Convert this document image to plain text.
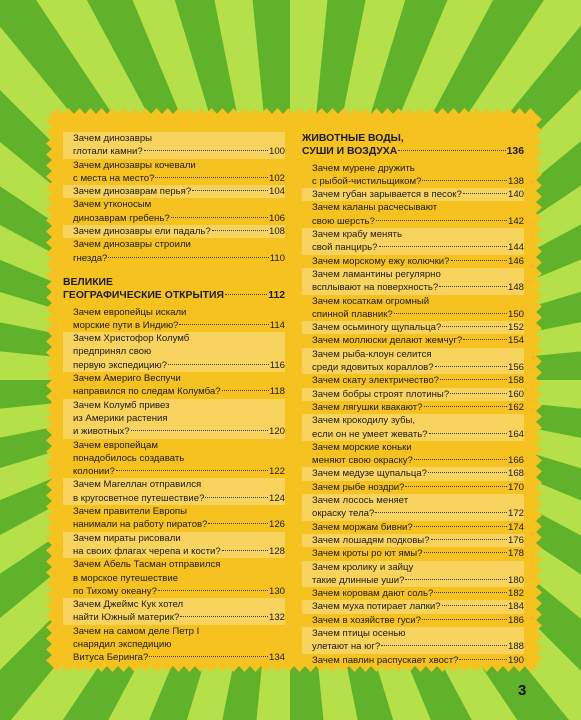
Зачем динозавры
глотали камни?	100
Зачем динозавры кочевали
с места на место?	102
Зачем динозаврам перья?	104
Зачем утконосым
динозаврам гребень?	106
Зачем динозавры ели падаль?	108
Зачем динозавры строили
гнезда?	110
ВЕЛИКИЕ
ГЕОГРАФИЧЕСКИЕ ОТКРЫТИЯ	112
Зачем европейцы искали
морские пути в Индию?	114
Зачем Христофор Колумб
предпринял свою
первую экспедицию?	116
Зачем Америго Веспучи
направился по следам Колумба?	118
Зачем Колумб привез
из Америки растения
и животных?	120
Зачем европейцам
понадобилось создавать
колонии?	122
Зачем Магеллан отправился
в кругосветное путешествие?	124
Зачем правители Европы
нанимали на работу пиратов?	126
Зачем пираты рисовали
на своих флагах черепа и кости?	128
Зачем Абель Тасман отправился
в морское путешествие
по Тихому океану?	130
Зачем Джеймс Кук хотел
найти Южный материк?	132
Зачем на самом деле Петр I
снарядил экспедицию
Витуса Беринга?	134
ЖИВОТНЫЕ ВОДЫ,
СУШИ И ВОЗДУХА	136
Зачем мурене дружить
с рыбой-чистильщиком?	138
Зачем губан зарывается в песок?	140
Зачем каланы расчесывают
свою шерсть?	142
Зачем крабу менять
свой панцирь?	144
Зачем морскому ежу колючки?	146
Зачем ламантины регулярно
всплывают на поверхность?	148
Зачем косаткам огромный
спинной плавник?	150
Зачем осьминогу щупальца?	152
Зачем моллюски делают жемчуг?	154
Зачем рыба-клоун селится
среди ядовитых кораллов?	156
Зачем скату электричество?	158
Зачем бобры строят плотины?	160
Зачем лягушки квакают?	162
Зачем крокодилу зубы,
если он не умеет жевать?	164
Зачем морские коньки
меняют свою окраску?	166
Зачем медузе щупальца?	168
Зачем рыбе ноздри?	170
Зачем лосось меняет
окраску тела?	172
Зачем моржам бивни?	174
Зачем лошадям подковы?	176
Зачем кроты ро ют ямы?	178
Зачем кролику и зайцу
такие длинные уши?	180
Зачем коровам дают соль?	182
Зачем муха потирает лапки?	184
Зачем в хозяйстве гуси?	186
Зачем птицы осенью
улетают на юг?	188
Зачем павлин распускает хвост?	190
3
